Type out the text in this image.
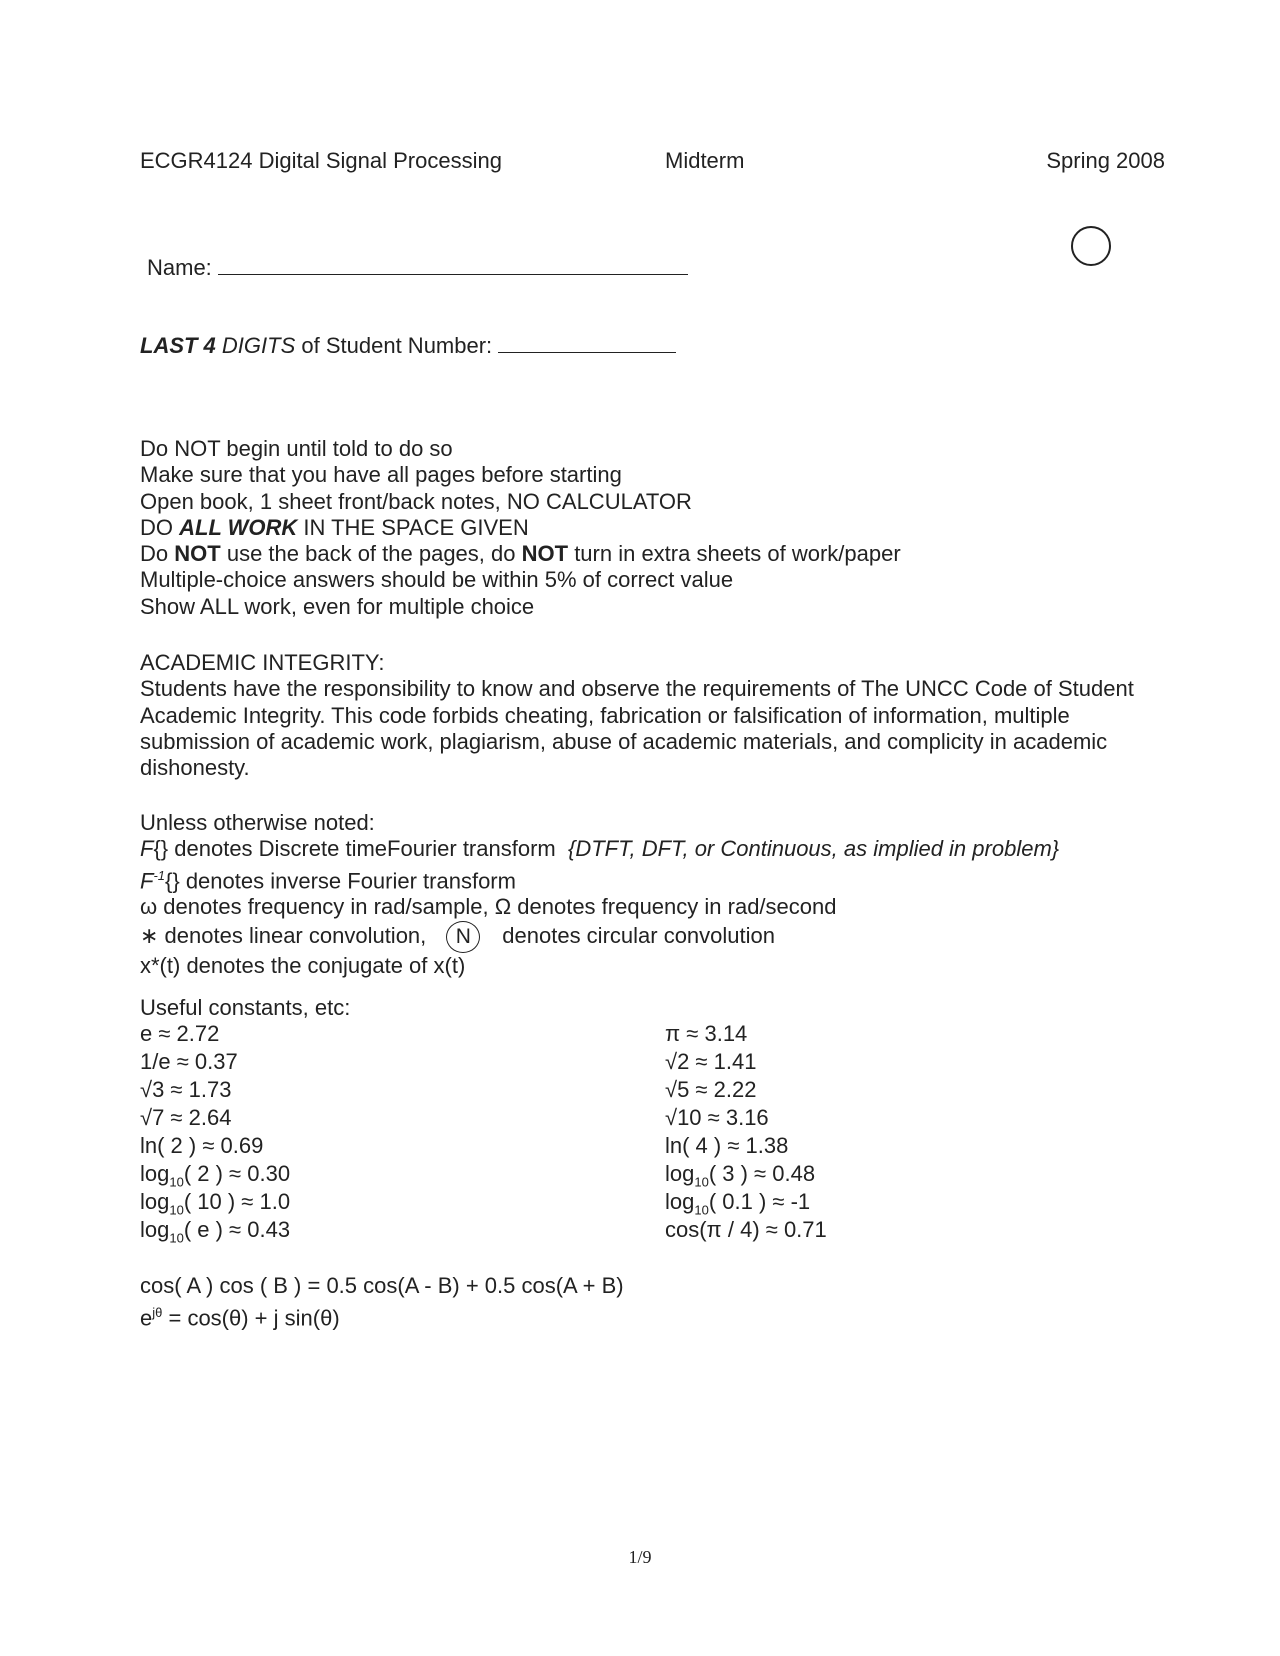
ECGR4124 Digital Signal Processing	Midterm	Spring 2008
Name:
LAST 4 DIGITS of Student Number:
Do NOT begin until told to do so
Make sure that you have all pages before starting
Open book, 1 sheet front/back notes, NO CALCULATOR
DO ALL WORK IN THE SPACE GIVEN
Do NOT use the back of the pages, do NOT turn in extra sheets of work/paper
Multiple-choice answers should be within 5% of correct value
Show ALL work, even for multiple choice
ACADEMIC INTEGRITY:
Students have the responsibility to know and observe the requirements of The UNCC Code of Student Academic Integrity. This code forbids cheating, fabrication or falsification of information, multiple submission of academic work, plagiarism, abuse of academic materials, and complicity in academic dishonesty.
Unless otherwise noted:
F{} denotes Discrete timeFourier transform {DTFT, DFT, or Continuous, as implied in problem}
$F^{-1}\{\}$ denotes inverse Fourier transform
ω denotes frequency in rad/sample, Ω denotes frequency in rad/second
∗ denotes linear convolution, N denotes circular convolution
x*(t) denotes the conjugate of x(t)
Useful constants, etc:
e ≈ 2.72
1/e ≈ 0.37
√3 ≈ 1.73
√7 ≈ 2.64
ln( 2 ) ≈ 0.69
$\log_{10}$( 2 ) ≈ 0.30
$\log_{10}$( 10 ) ≈ 1.0
$\log_{10}$( e ) ≈ 0.43
π ≈ 3.14
√2 ≈ 1.41
√5 ≈ 2.22
√10 ≈ 3.16
ln( 4 ) ≈ 1.38
$\log_{10}$( 3 ) ≈ 0.48
$\log_{10}$( 0.1 ) ≈ -1
cos(π / 4) ≈ 0.71
cos( A ) cos ( B ) = 0.5 cos(A - B) + 0.5 cos(A + B)
$e^{j\theta} = \cos(\theta) + j$ sin(θ)
1/9
